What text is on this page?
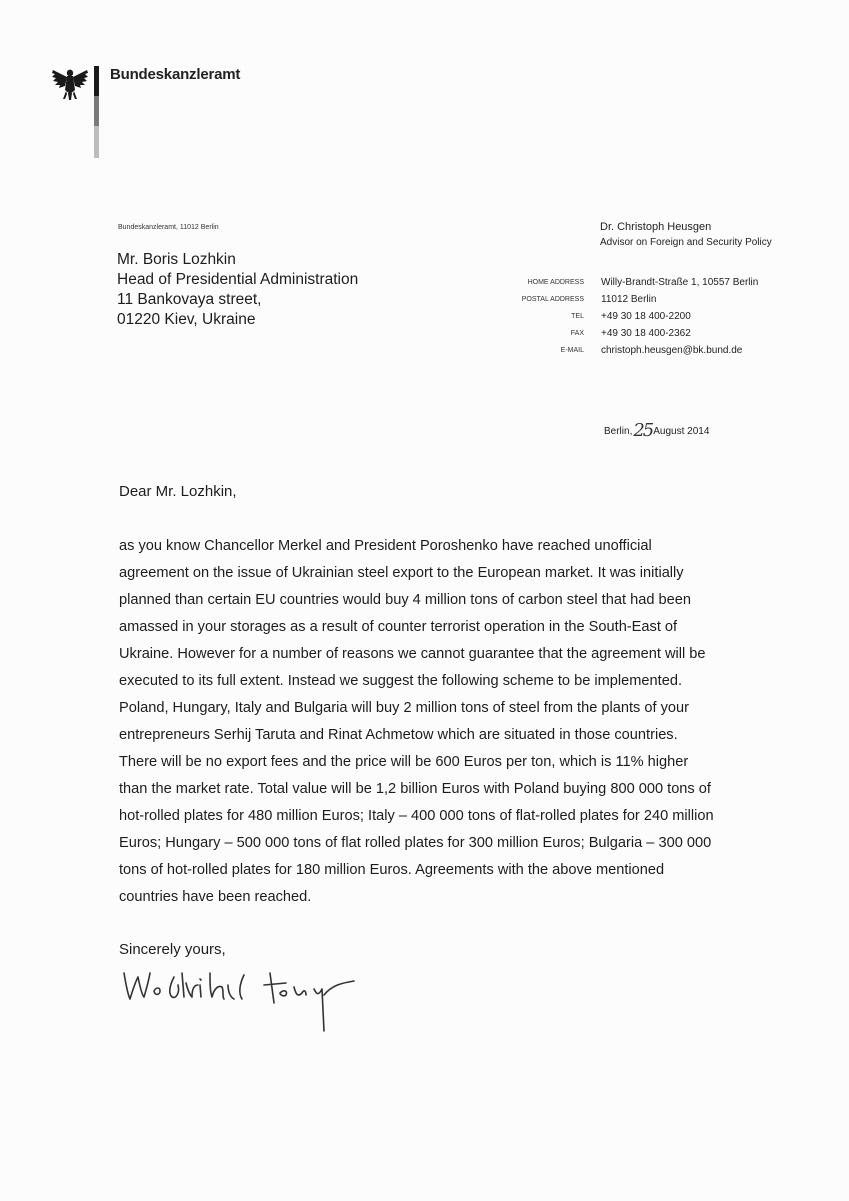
Bundeskanzleramt
Bundeskanzleramt, 11012 Berlin
Mr. Boris Lozhkin
Head of Presidential Administration
11 Bankovaya street,
01220 Kiev, Ukraine
Dr. Christoph Heusgen
Advisor on Foreign and Security Policy
HOME ADDRESS
POSTAL ADDRESS
TEL
FAX
E-MAIL
Willy-Brandt-Straße 1, 10557 Berlin
11012 Berlin
+49 30 18 400-2200
+49 30 18 400-2362
christoph.heusgen@bk.bund.de
Berlin,25August 2014
Dear Mr. Lozhkin,
as you know Chancellor Merkel and President Poroshenko have reached unofficial
agreement on the issue of Ukrainian steel export to the European market. It was initially
planned than certain EU countries would buy 4 million tons of carbon steel that had been
amassed in your storages as a result of counter terrorist operation in the South-East of
Ukraine. However for a number of reasons we cannot guarantee that the agreement will be
executed to its full extent. Instead we suggest the following scheme to be implemented.
Poland, Hungary, Italy and Bulgaria will buy 2 million tons of steel from the plants of your
entrepreneurs Serhij Taruta and Rinat Achmetow which are situated in those countries.
There will be no export fees and the price will be 600 Euros per ton, which is 11% higher
than the market rate. Total value will be 1,2 billion Euros with Poland buying 800 000 tons of
hot-rolled plates for 480 million Euros; Italy – 400 000 tons of flat-rolled plates for 240 million
Euros; Hungary – 500 000 tons of flat rolled plates for 300 million Euros; Bulgaria – 300 000
tons of hot-rolled plates for 180 million Euros. Agreements with the above mentioned
countries have been reached.
Sincerely yours,
